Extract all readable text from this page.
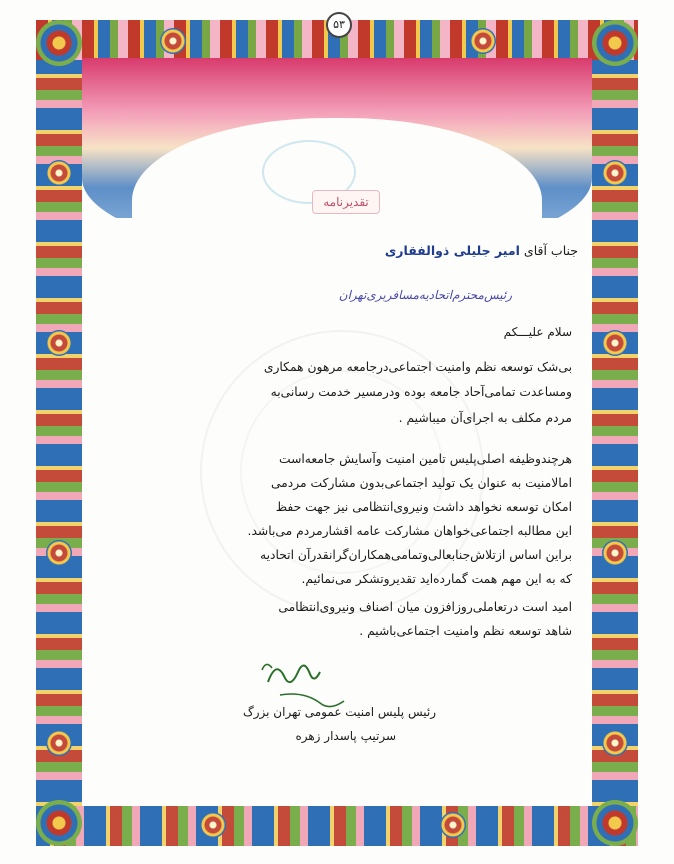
۵۳
تقدیرنامه
جناب آقای امیر جلیلی ذوالفقاری
رئیس‌محترم‌اتحادیه‌مسافربری‌تهران
سلام علیـــکم
بی‌شک توسعه نظم وامنیت اجتماعی‌درجامعه مرهون همکاری
ومساعدت تمامی‌آحاد جامعه بوده ودرمسیر خدمت رسانی‌به
مردم مکلف به اجرای‌آن میباشیم .
هرچندوظیفه اصلی‌پلیس تامین امنیت وآسایش جامعه‌است
امالامنیت به عنوان یک تولید اجتماعی‌بدون مشارکت مردمی
امکان توسعه نخواهد داشت ونیروی‌انتظامی نیز جهت حفظ
این مطالبه اجتماعی‌خواهان مشارکت عامه اقشارمردم می‌باشد.
براین اساس ازتلاش‌جنابعالی‌وتمامی‌همکاران‌گرانقدرآن اتحادیه
که به این مهم همت گمارده‌اید تقدیروتشکر می‌نمائیم.
امید است درتعاملی‌روزافزون میان اصناف ونیروی‌انتظامی
شاهد توسعه نظم وامنیت اجتماعی‌باشیم .
رئیس پلیس امنیت عمومی تهران بزرگ
سرتیپ پاسدار زهره
